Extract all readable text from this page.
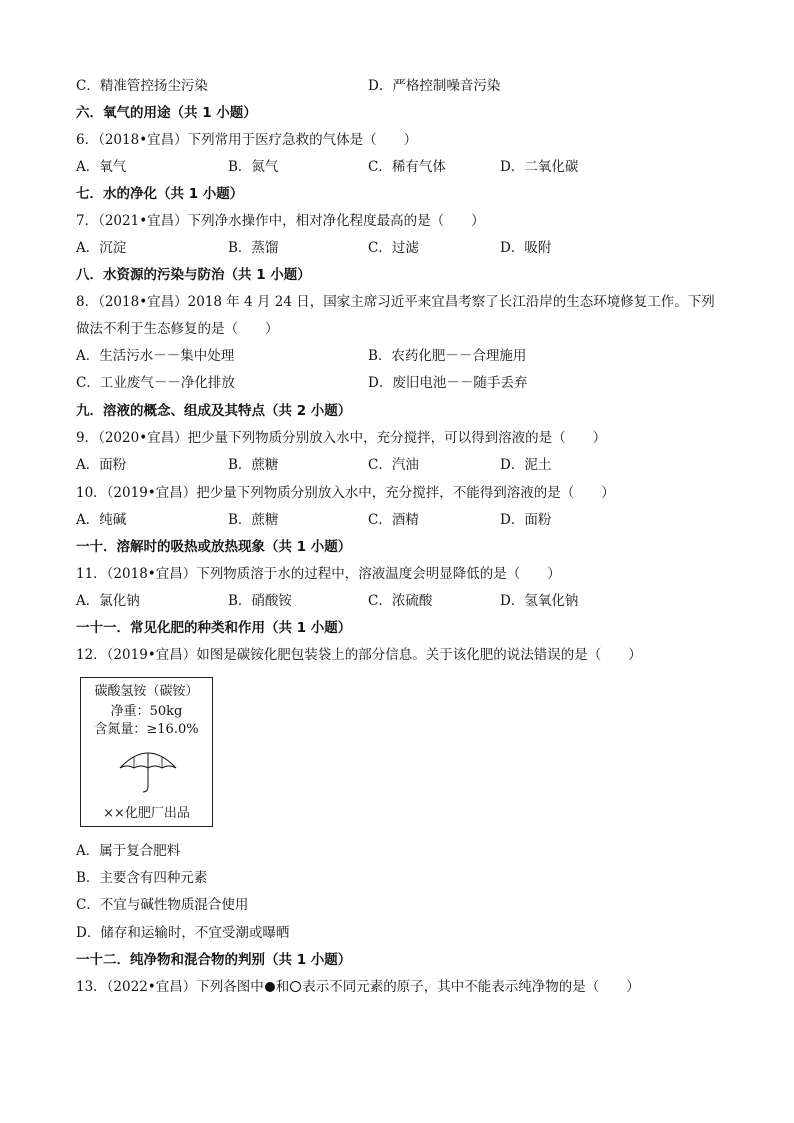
C．精准管控扬尘污染	D．严格控制噪音污染
六．氧气的用途（共 1 小题）
6．（2018•宜昌）下列常用于医疗急救的气体是（　　）
A．氧气	B．氮气	C．稀有气体	D．二氧化碳
七．水的净化（共 1 小题）
7．（2021•宜昌）下列净水操作中，相对净化程度最高的是（　　）
A．沉淀	B．蒸馏	C．过滤	D．吸附
八．水资源的污染与防治（共 1 小题）
8．（2018•宜昌）2018 年 4 月 24 日，国家主席习近平来宜昌考察了长江沿岸的生态环境修复工作。下列
做法不利于生态修复的是（　　）
A．生活污水－－集中处理	B．农药化肥－－合理施用
C．工业废气－－净化排放	D．废旧电池－－随手丢弃
九．溶液的概念、组成及其特点（共 2 小题）
9．（2020•宜昌）把少量下列物质分别放入水中，充分搅拌，可以得到溶液的是（　　）
A．面粉	B．蔗糖	C．汽油	D．泥土
10．（2019•宜昌）把少量下列物质分别放入水中，充分搅拌，不能得到溶液的是（　　）
A．纯碱	B．蔗糖	C．酒精	D．面粉
一十．溶解时的吸热或放热现象（共 1 小题）
11．（2018•宜昌）下列物质溶于水的过程中，溶液温度会明显降低的是（　　）
A．氯化钠	B．硝酸铵	C．浓硫酸	D．氢氧化钠
一十一．常见化肥的种类和作用（共 1 小题）
12．（2019•宜昌）如图是碳铵化肥包装袋上的部分信息。关于该化肥的说法错误的是（　　）
碳酸氢铵（碳铵）
净重：50kg
含氮量：≥16.0%
××化肥厂出品
A．属于复合肥料
B．主要含有四种元素
C．不宜与碱性物质混合使用
D．储存和运输时，不宜受潮或曝晒
一十二．纯净物和混合物的判别（共 1 小题）
13．（2022•宜昌）下列各图中 和 表示不同元素的原子，其中不能表示纯净物的是（　　）
